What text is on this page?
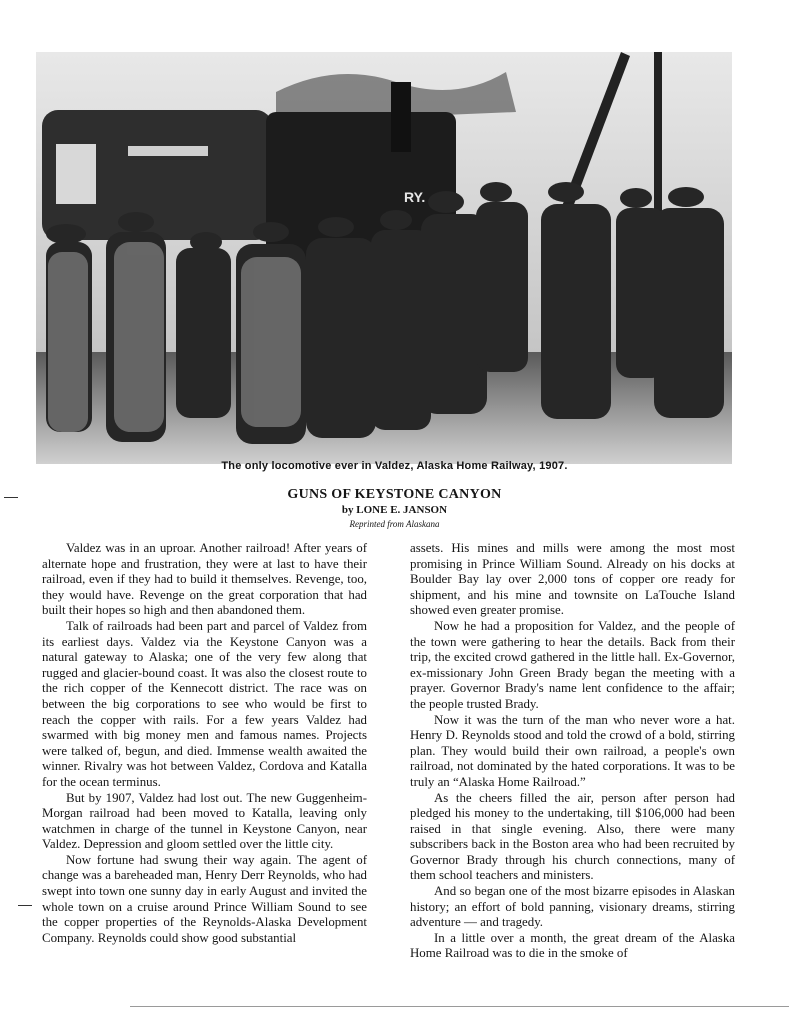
RY.
The only locomotive ever in Valdez, Alaska Home Railway, 1907.
GUNS OF KEYSTONE CANYON
by LONE E. JANSON
Reprinted from Alaskana

Valdez was in an uproar. Another railroad! After years of alternate hope and frustration, they were at last to have their railroad, even if they had to build it themselves. Revenge, too, they would have. Revenge on the great corporation that had built their hopes so high and then abandoned them.

Talk of railroads had been part and parcel of Valdez from its earliest days. Valdez via the Keystone Canyon was a natural gateway to Alaska; one of the very few along that rugged and glacier-bound coast. It was also the closest route to the rich copper of the Kennecott district. The race was on between the big corporations to see who would be first to reach the copper with rails. For a few years Valdez had swarmed with big money men and famous names. Projects were talked of, begun, and died. Immense wealth awaited the winner. Rivalry was hot between Valdez, Cordova and Katalla for the ocean terminus.

But by 1907, Valdez had lost out. The new Guggenheim-Morgan railroad had been moved to Katalla, leaving only watchmen in charge of the tunnel in Keystone Canyon, near Valdez. Depression and gloom settled over the little city.

Now fortune had swung their way again. The agent of change was a bareheaded man, Henry Derr Reynolds, who had swept into town one sunny day in early August and invited the whole town on a cruise around Prince William Sound to see the copper properties of the Reynolds-Alaska Development Company. Reynolds could show good substantial

assets. His mines and mills were among the most most promising in Prince William Sound. Already on his docks at Boulder Bay lay over 2,000 tons of copper ore ready for shipment, and his mine and townsite on LaTouche Island showed even greater promise.

Now he had a proposition for Valdez, and the people of the town were gathering to hear the details. Back from their trip, the excited crowd gathered in the little hall. Ex-Governor, ex-missionary John Green Brady began the meeting with a prayer. Governor Brady's name lent confidence to the affair; the people trusted Brady.

Now it was the turn of the man who never wore a hat. Henry D. Reynolds stood and told the crowd of a bold, stirring plan. They would build their own railroad, a people's own railroad, not dominated by the hated corporations. It was to be truly an “Alaska Home Railroad.”

As the cheers filled the air, person after person had pledged his money to the undertaking, till $106,000 had been raised in that single evening. Also, there were many subscribers back in the Boston area who had been recruited by Governor Brady through his church connections, many of them school teachers and ministers.

And so began one of the most bizarre episodes in Alaskan history; an effort of bold panning, visionary dreams, stirring adventure — and tragedy.

In a little over a month, the great dream of the Alaska Home Railroad was to die in the smoke of
